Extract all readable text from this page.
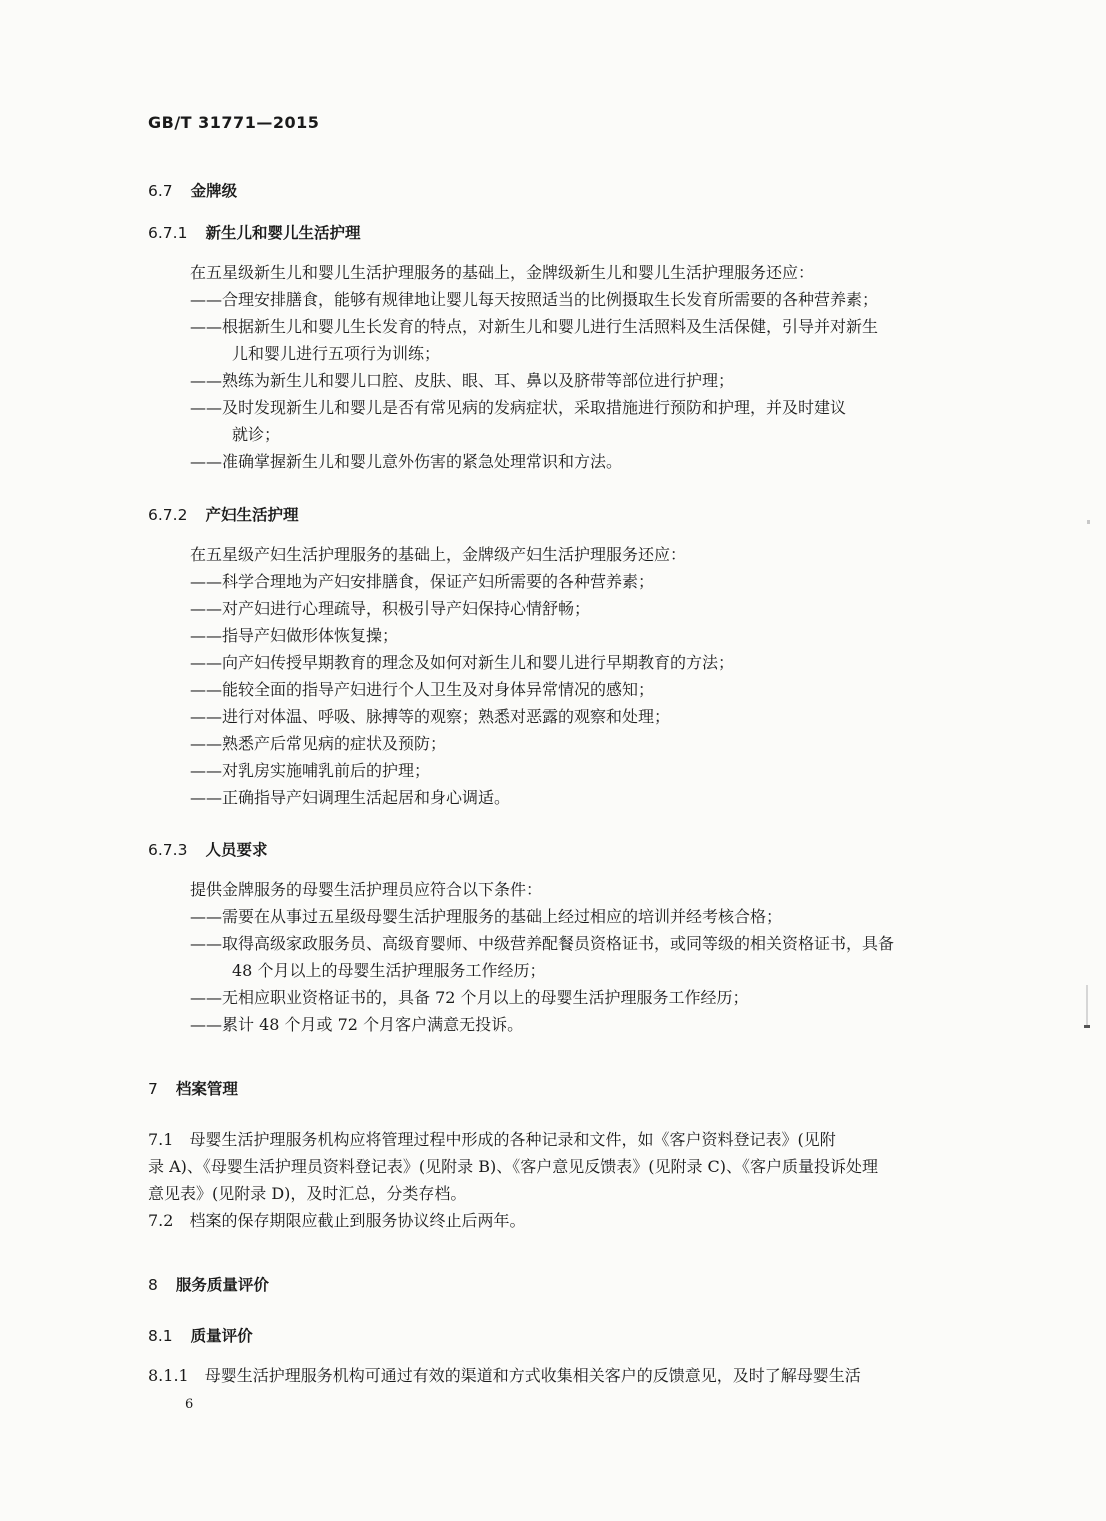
GB/T 31771—2015
6.7 金牌级
6.7.1 新生儿和婴儿生活护理
在五星级新生儿和婴儿生活护理服务的基础上，金牌级新生儿和婴儿生活护理服务还应：
——合理安排膳食，能够有规律地让婴儿每天按照适当的比例摄取生长发育所需要的各种营养素；
——根据新生儿和婴儿生长发育的特点，对新生儿和婴儿进行生活照料及生活保健，引导并对新生
儿和婴儿进行五项行为训练；
——熟练为新生儿和婴儿口腔、皮肤、眼、耳、鼻以及脐带等部位进行护理；
——及时发现新生儿和婴儿是否有常见病的发病症状，采取措施进行预防和护理，并及时建议
就诊；
——准确掌握新生儿和婴儿意外伤害的紧急处理常识和方法。
6.7.2 产妇生活护理
在五星级产妇生活护理服务的基础上，金牌级产妇生活护理服务还应：
——科学合理地为产妇安排膳食，保证产妇所需要的各种营养素；
——对产妇进行心理疏导，积极引导产妇保持心情舒畅；
——指导产妇做形体恢复操；
——向产妇传授早期教育的理念及如何对新生儿和婴儿进行早期教育的方法；
——能较全面的指导产妇进行个人卫生及对身体异常情况的感知；
——进行对体温、呼吸、脉搏等的观察；熟悉对恶露的观察和处理；
——熟悉产后常见病的症状及预防；
——对乳房实施哺乳前后的护理；
——正确指导产妇调理生活起居和身心调适。
6.7.3 人员要求
提供金牌服务的母婴生活护理员应符合以下条件：
——需要在从事过五星级母婴生活护理服务的基础上经过相应的培训并经考核合格；
——取得高级家政服务员、高级育婴师、中级营养配餐员资格证书，或同等级的相关资格证书，具备
48 个月以上的母婴生活护理服务工作经历；
——无相应职业资格证书的，具备 72 个月以上的母婴生活护理服务工作经历；
——累计 48 个月或 72 个月客户满意无投诉。
7 档案管理
7.1　母婴生活护理服务机构应将管理过程中形成的各种记录和文件，如《客户资料登记表》(见附
录 A)、《母婴生活护理员资料登记表》(见附录 B)、《客户意见反馈表》(见附录 C)、《客户质量投诉处理
意见表》(见附录 D)，及时汇总，分类存档。
7.2　档案的保存期限应截止到服务协议终止后两年。
8 服务质量评价
8.1 质量评价
8.1.1　母婴生活护理服务机构可通过有效的渠道和方式收集相关客户的反馈意见，及时了解母婴生活
6
